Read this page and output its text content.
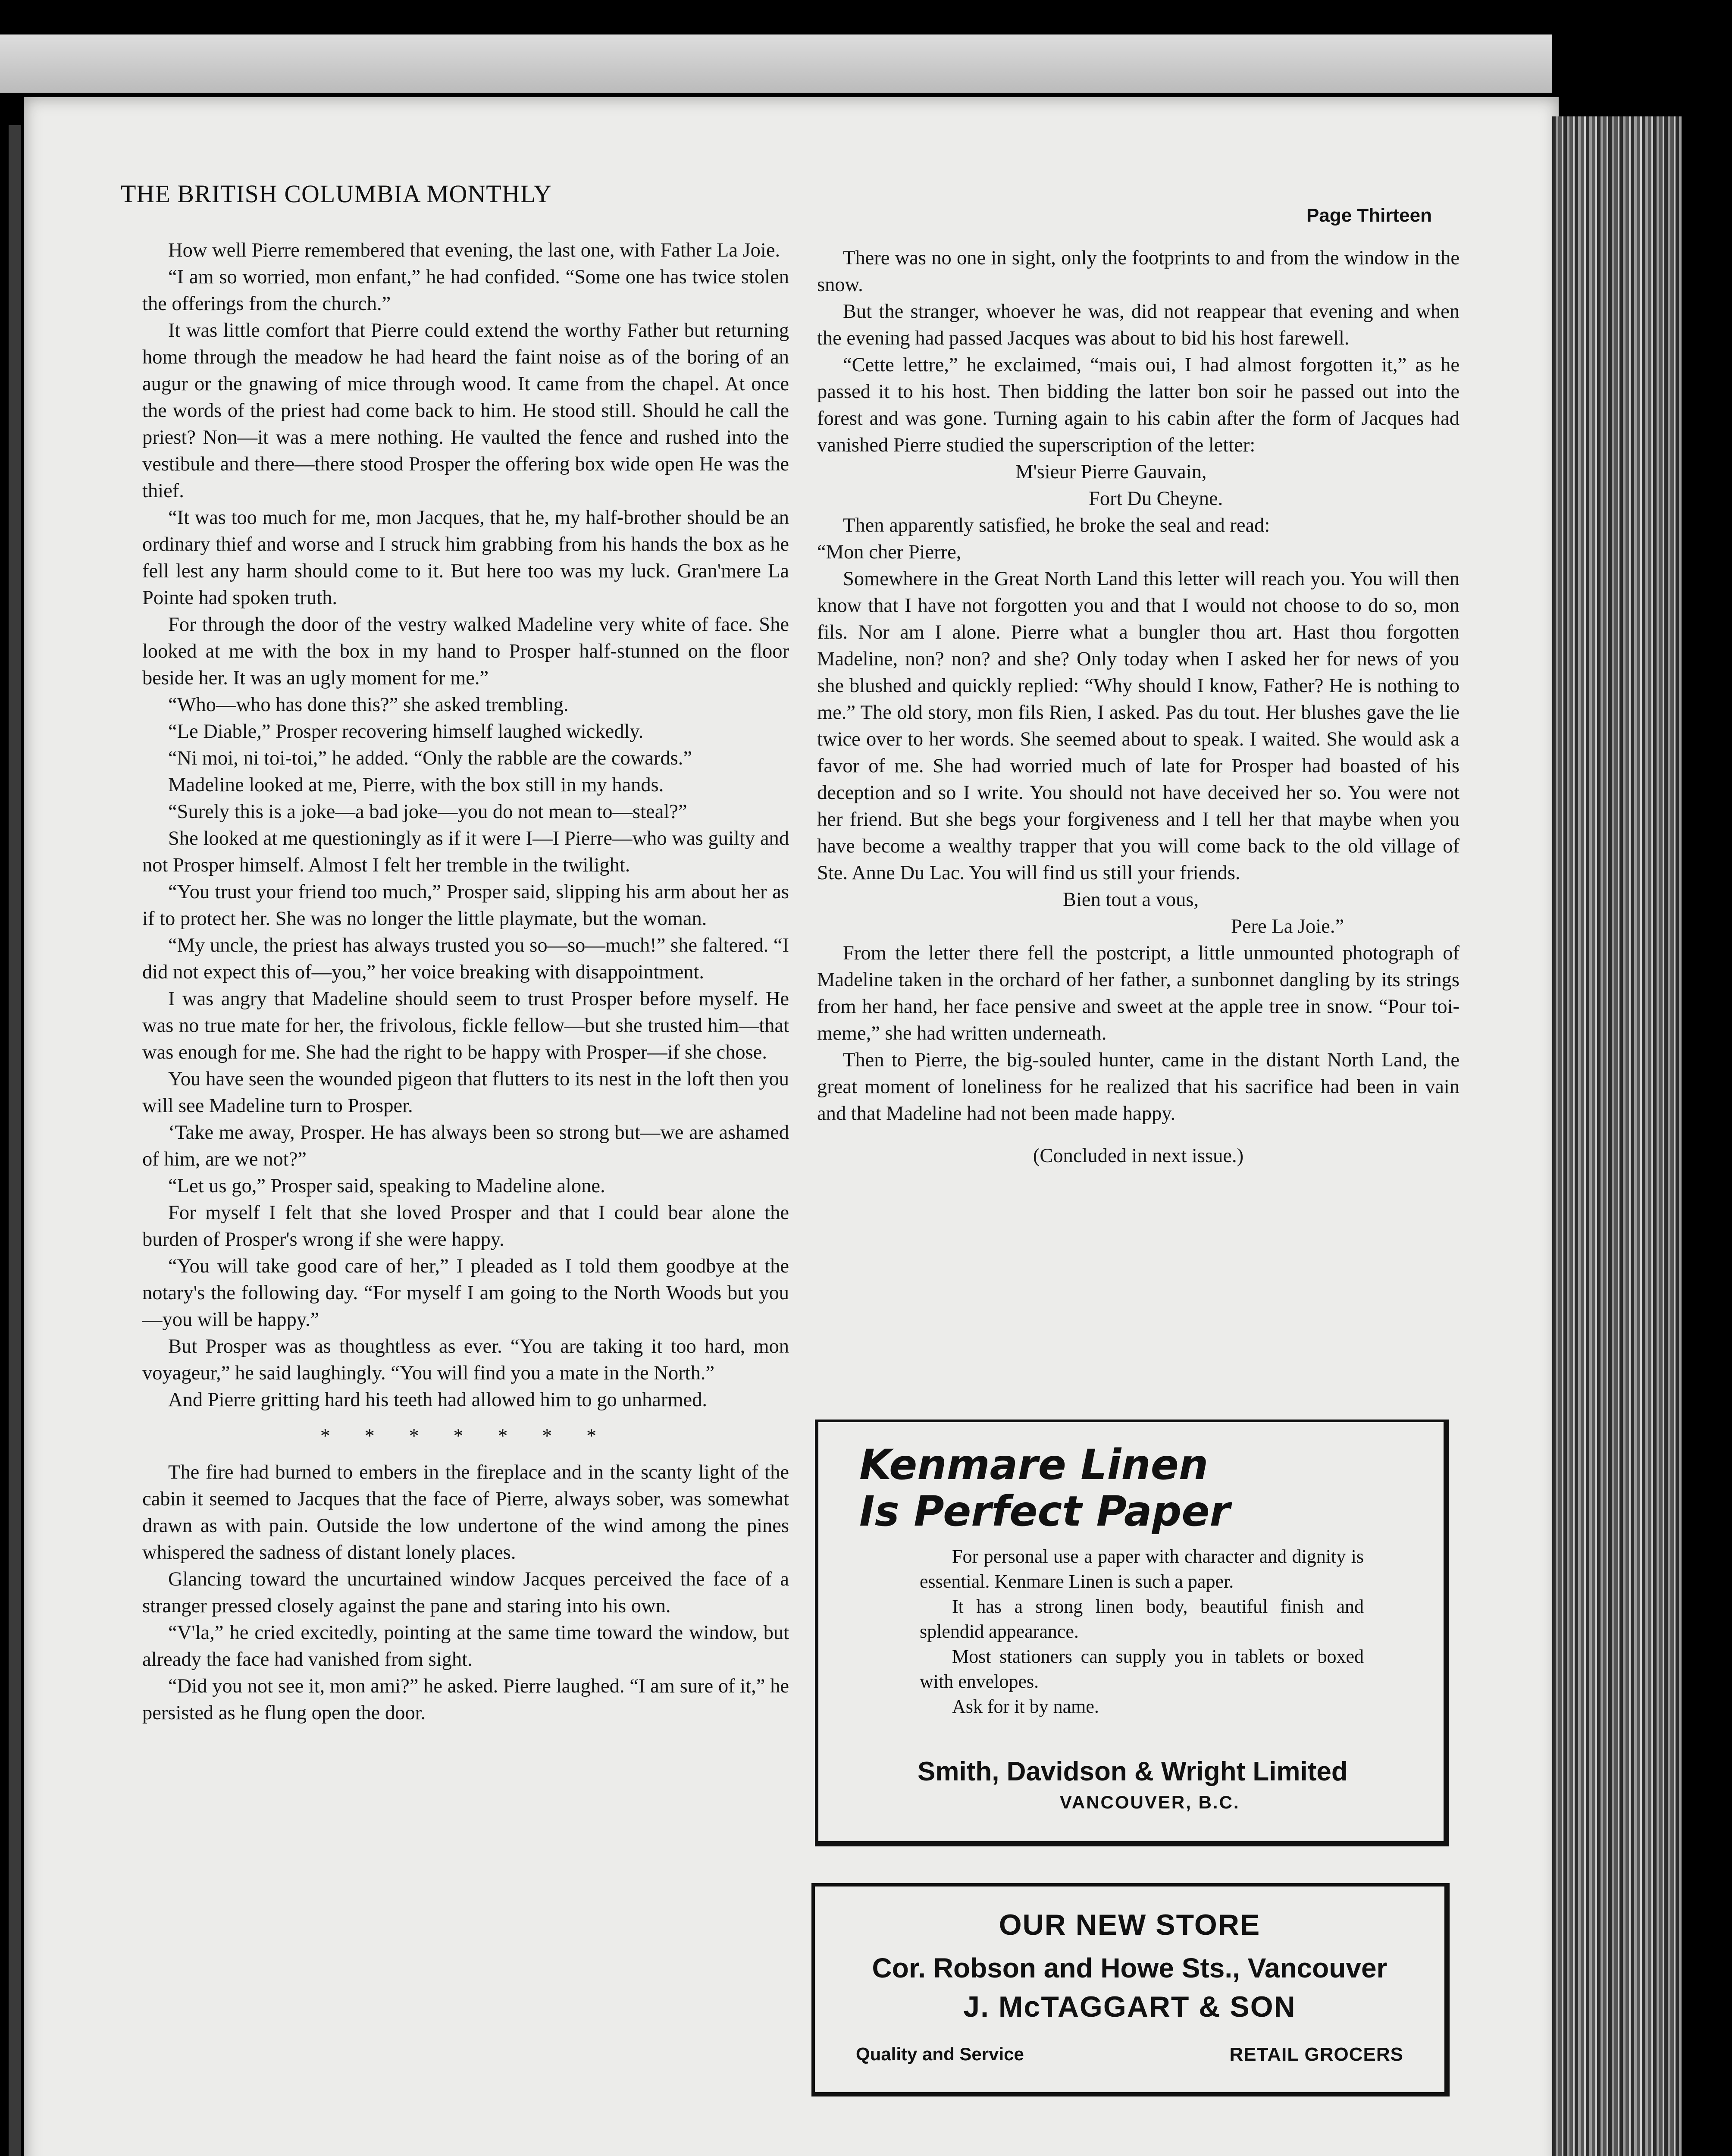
THE BRITISH COLUMBIA MONTHLY
Page Thirteen

How well Pierre remembered that evening, the last one, with Father La Joie.

“I am so worried, mon enfant,” he had confided. “Some one has twice stolen the offerings from the church.”

It was little comfort that Pierre could extend the worthy Father but returning home through the meadow he had heard the faint noise as of the boring of an augur or the gnawing of mice through wood. It came from the chapel. At once the words of the priest had come back to him. He stood still. Should he call the priest? Non—it was a mere nothing. He vaulted the fence and rushed into the vestibule and there—there stood Prosper the offering box wide open He was the thief.

“It was too much for me, mon Jacques, that he, my half-brother should be an ordinary thief and worse and I struck him grabbing from his hands the box as he fell lest any harm should come to it. But here too was my luck. Gran'mere La Pointe had spoken truth.

For through the door of the vestry walked Madeline very white of face. She looked at me with the box in my hand to Prosper half-stunned on the floor beside her. It was an ugly moment for me.”

“Who—who has done this?” she asked trembling.

“Le Diable,” Prosper recovering himself laughed wickedly.

“Ni moi, ni toi-toi,” he added. “Only the rabble are the cowards.”

Madeline looked at me, Pierre, with the box still in my hands.

“Surely this is a joke—a bad joke—you do not mean to—steal?”

She looked at me questioningly as if it were I—I Pierre—who was guilty and not Prosper himself. Almost I felt her tremble in the twilight.

“You trust your friend too much,” Prosper said, slipping his arm about her as if to protect her. She was no longer the little playmate, but the woman.

“My uncle, the priest has always trusted you so—so—much!” she faltered. “I did not expect this of—you,” her voice breaking with disappointment.

I was angry that Madeline should seem to trust Prosper before myself. He was no true mate for her, the frivolous, fickle fellow—but she trusted him—that was enough for me. She had the right to be happy with Prosper—if she chose.

You have seen the wounded pigeon that flutters to its nest in the loft then you will see Madeline turn to Prosper.

‘Take me away, Prosper. He has always been so strong but—we are ashamed of him, are we not?”

“Let us go,” Prosper said, speaking to Madeline alone.

For myself I felt that she loved Prosper and that I could bear alone the burden of Prosper's wrong if she were happy.

“You will take good care of her,” I pleaded as I told them goodbye at the notary's the following day. “For myself I am going to the North Woods but you—you will be happy.”

But Prosper was as thoughtless as ever. “You are taking it too hard, mon voyageur,” he said laughingly. “You will find you a mate in the North.”

And Pierre gritting hard his teeth had allowed him to go unharmed.

* * * * * * *

The fire had burned to embers in the fireplace and in the scanty light of the cabin it seemed to Jacques that the face of Pierre, always sober, was somewhat drawn as with pain. Outside the low undertone of the wind among the pines whispered the sadness of distant lonely places.

Glancing toward the uncurtained window Jacques perceived the face of a stranger pressed closely against the pane and staring into his own.

“V'la,” he cried excitedly, pointing at the same time toward the window, but already the face had vanished from sight.

“Did you not see it, mon ami?” he asked. Pierre laughed. “I am sure of it,” he persisted as he flung open the door.

There was no one in sight, only the footprints to and from the window in the snow.

But the stranger, whoever he was, did not reappear that evening and when the evening had passed Jacques was about to bid his host farewell.

“Cette lettre,” he exclaimed, “mais oui, I had almost forgotten it,” as he passed it to his host. Then bidding the latter bon soir he passed out into the forest and was gone. Turning again to his cabin after the form of Jacques had vanished Pierre studied the superscription of the letter:

M'sieur Pierre Gauvain,

Fort Du Cheyne.

Then apparently satisfied, he broke the seal and read:

“Mon cher Pierre,

Somewhere in the Great North Land this letter will reach you. You will then know that I have not forgotten you and that I would not choose to do so, mon fils. Nor am I alone. Pierre what a bungler thou art. Hast thou forgotten Madeline, non? non? and she? Only today when I asked her for news of you she blushed and quickly replied: “Why should I know, Father? He is nothing to me.” The old story, mon fils Rien, I asked. Pas du tout. Her blushes gave the lie twice over to her words. She seemed about to speak. I waited. She would ask a favor of me. She had worried much of late for Prosper had boasted of his deception and so I write. You should not have deceived her so. You were not her friend. But she begs your forgiveness and I tell her that maybe when you have become a wealthy trapper that you will come back to the old village of Ste. Anne Du Lac. You will find us still your friends.

Bien tout a vous,

Pere La Joie.”

From the letter there fell the postcript, a little unmounted photograph of Madeline taken in the orchard of her father, a sunbonnet dangling by its strings from her hand, her face pensive and sweet at the apple tree in snow. “Pour toi-meme,” she had written underneath.

Then to Pierre, the big-souled hunter, came in the distant North Land, the great moment of loneliness for he realized that his sacrifice had been in vain and that Madeline had not been made happy.

(Concluded in next issue.)

Kenmare Linen
Is Perfect Paper

For personal use a paper with character and dignity is essential. Kenmare Linen is such a paper.

It has a strong linen body, beautiful finish and splendid appearance.

Most stationers can supply you in tablets or boxed with envelopes.

Ask for it by name.

Smith, Davidson & Wright Limited
VANCOUVER, B.C.
OUR NEW STORE
Cor. Robson and Howe Sts., Vancouver
J. McTAGGART & SON
Quality and Service	RETAIL GROCERS
